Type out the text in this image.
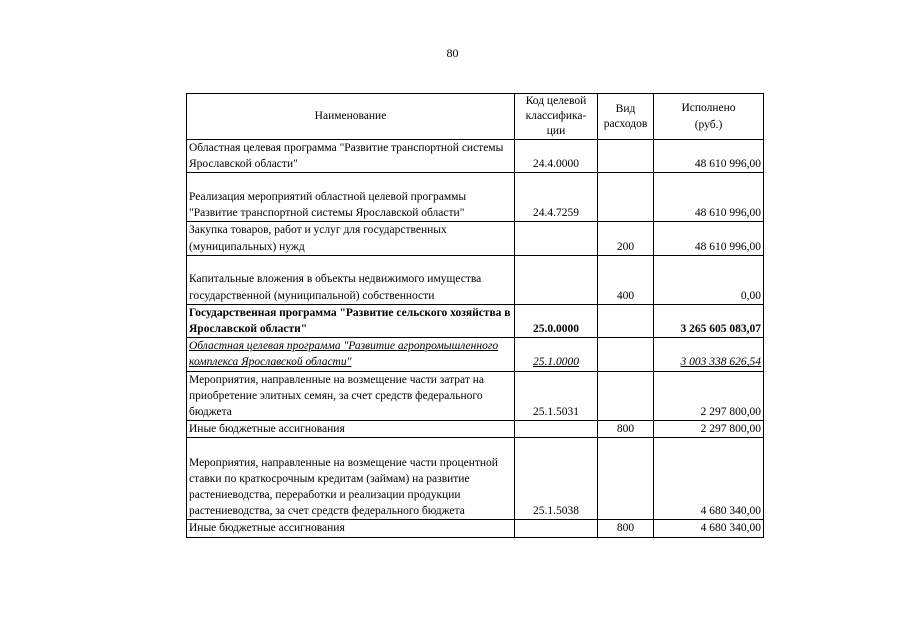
80
Наименование	Код целевой классифика-ции	Вид расходов	Исполнено (руб.)
Областная целевая программа "Развитие транспортной системы Ярославской области"	24.4.0000		48 610 996,00
Реализация мероприятий областной целевой программы "Развитие транспортной системы Ярославской области"	24.4.7259		48 610 996,00
Закупка товаров, работ и услуг для государственных (муниципальных) нужд		200	48 610 996,00
Капитальные вложения в объекты недвижимого имущества государственной (муниципальной) собственности		400	0,00
Государственная программа "Развитие сельского хозяйства в Ярославской области"	25.0.0000		3 265 605 083,07
Областная целевая программа "Развитие агропромышленного комплекса Ярославской области"	25.1.0000		3 003 338 626,54
Мероприятия, направленные на возмещение части затрат на приобретение элитных семян, за счет средств федерального бюджета	25.1.5031		2 297 800,00
Иные бюджетные ассигнования		800	2 297 800,00
Мероприятия, направленные на возмещение части процентной ставки по краткосрочным кредитам (займам) на развитие растениеводства, переработки и реализации продукции растениеводства, за счет средств федерального бюджета	25.1.5038		4 680 340,00
Иные бюджетные ассигнования		800	4 680 340,00
